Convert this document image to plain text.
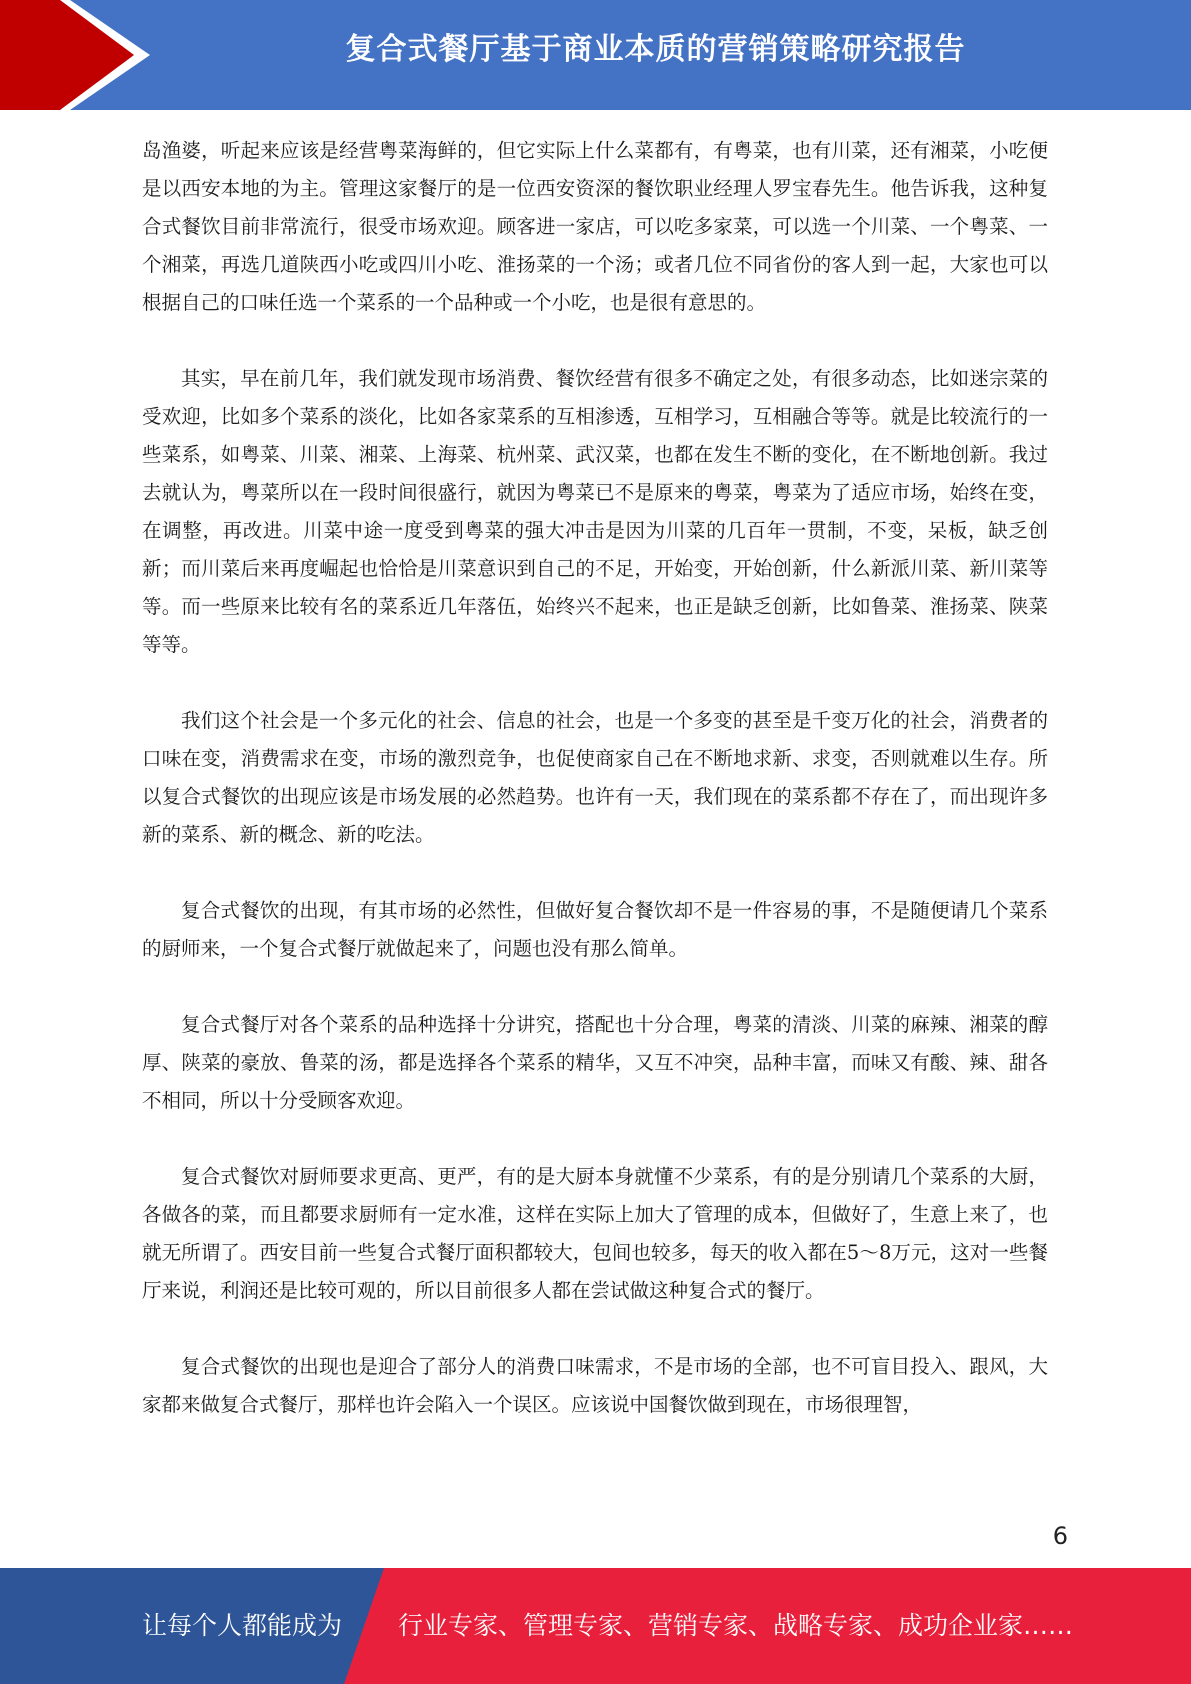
复合式餐厅基于商业本质的营销策略研究报告

岛渔婆，听起来应该是经营粤菜海鲜的，但它实际上什么菜都有，有粤菜，也有川菜，还有湘菜，小吃便是以西安本地的为主。管理这家餐厅的是一位西安资深的餐饮职业经理人罗宝春先生。他告诉我，这种复合式餐饮目前非常流行，很受市场欢迎。顾客进一家店，可以吃多家菜，可以选一个川菜、一个粤菜、一个湘菜，再选几道陕西小吃或四川小吃、淮扬菜的一个汤；或者几位不同省份的客人到一起，大家也可以根据自己的口味任选一个菜系的一个品种或一个小吃，也是很有意思的。

其实，早在前几年，我们就发现市场消费、餐饮经营有很多不确定之处，有很多动态，比如迷宗菜的受欢迎，比如多个菜系的淡化，比如各家菜系的互相渗透，互相学习，互相融合等等。就是比较流行的一些菜系，如粤菜、川菜、湘菜、上海菜、杭州菜、武汉菜，也都在发生不断的变化，在不断地创新。我过去就认为，粤菜所以在一段时间很盛行，就因为粤菜已不是原来的粤菜，粤菜为了适应市场，始终在变，在调整，再改进。川菜中途一度受到粤菜的强大冲击是因为川菜的几百年一贯制，不变，呆板，缺乏创新；而川菜后来再度崛起也恰恰是川菜意识到自己的不足，开始变，开始创新，什么新派川菜、新川菜等等。而一些原来比较有名的菜系近几年落伍，始终兴不起来，也正是缺乏创新，比如鲁菜、淮扬菜、陕菜等等。

我们这个社会是一个多元化的社会、信息的社会，也是一个多变的甚至是千变万化的社会，消费者的口味在变，消费需求在变，市场的激烈竞争，也促使商家自己在不断地求新、求变，否则就难以生存。所以复合式餐饮的出现应该是市场发展的必然趋势。也许有一天，我们现在的菜系都不存在了，而出现许多新的菜系、新的概念、新的吃法。

复合式餐饮的出现，有其市场的必然性，但做好复合餐饮却不是一件容易的事，不是随便请几个菜系的厨师来，一个复合式餐厅就做起来了，问题也没有那么简单。

复合式餐厅对各个菜系的品种选择十分讲究，搭配也十分合理，粤菜的清淡、川菜的麻辣、湘菜的醇厚、陕菜的豪放、鲁菜的汤，都是选择各个菜系的精华，又互不冲突，品种丰富，而味又有酸、辣、甜各不相同，所以十分受顾客欢迎。

复合式餐饮对厨师要求更高、更严，有的是大厨本身就懂不少菜系，有的是分别请几个菜系的大厨，各做各的菜，而且都要求厨师有一定水准，这样在实际上加大了管理的成本，但做好了，生意上来了，也就无所谓了。西安目前一些复合式餐厅面积都较大，包间也较多，每天的收入都在5～8万元，这对一些餐厅来说，利润还是比较可观的，所以目前很多人都在尝试做这种复合式的餐厅。

复合式餐饮的出现也是迎合了部分人的消费口味需求，不是市场的全部，也不可盲目投入、跟风，大家都来做复合式餐厅，那样也许会陷入一个误区。应该说中国餐饮做到现在，市场很理智，

6
让每个人都能成为 行业专家、管理专家、营销专家、战略专家、成功企业家……
